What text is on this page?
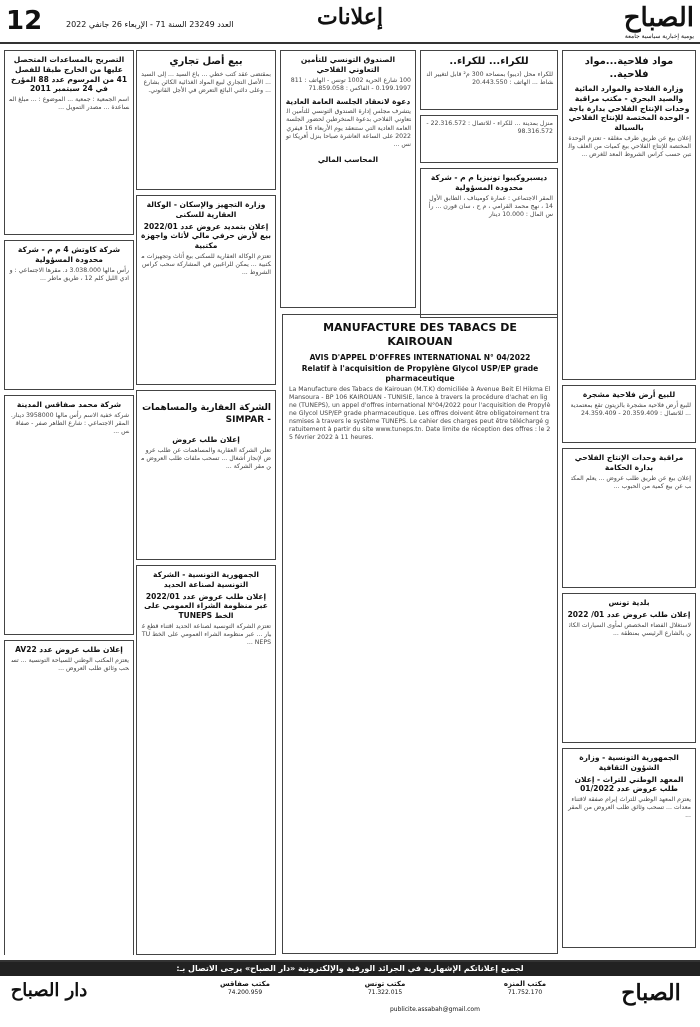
12	العدد 23249 السنة 71 - الإربعاء 26 جانفي 2022	إعلانات	الصباح
يومية إخبارية سياسية جامعة
مواد فلاحية...مواد فلاحية..
وزارة الفلاحة والموارد المائية والصيد البحري - مكتب مراقبة وحدات الإنتاج الفلاحي بدارة باجة - الوحدة المختصة للإنتاج الفلاحي بالسبالة
إعلان بيع عن طريق طرف مغلقة - تعتزم الوحدة المختصة للإنتاج الفلاحي بيع كميات من العلف والتبن حسب كراس الشروط المعد للغرض ...
للبيع أرض فلاحية مشجرة
للبيع أرض فلاحية مشجرة بالزيتون تقع بمعتمدية ... للاتصال : 20.359.409 - 24.359.409
مراقبة وحدات الإنتاج الفلاحي بدارة الحكامة
إعلان بيع عن طريق طلب عروض ... يعلم المكتب عن بيع كمية من الحبوب ...
بلدية تونس
إعلان طلب عروض عدد 01/ 2022
لاستغلال الفضاء المخصص لمأوى السيارات الكائن بالشارع الرئيسي بمنطقة ...
الجمهورية التونسية - وزارة الشؤون الثقافية
المعهد الوطني للتراث - إعلان طلب عروض عدد 01/2022
يعتزم المعهد الوطني للتراث إبرام صفقة لاقتناء معدات ... تسحب وثائق طلب العروض من المقر ...
للكراء... للكراء..
للكراء محل (ديبو) بمساحة 300 م² قابل لتغيير النشاط ... الهاتف : 20.443.550
منزل بمدينة ... للكراء - للاتصال : 22.316.572 - 98.316.572
ديسبروكيبوا تونيزيا م م - شركة محدودة المسؤولية
المقر الاجتماعي : عمارة كوميناف ، الطابق الأول 14 ، نهج محمد القرامي ، م ح ، سان قورن ... رأس المال : 10.000 دينار
MANUFACTURE DES TABACS DE KAIROUAN
AVIS D'APPEL D'OFFRES INTERNATIONAL N° 04/2022
Relatif à l'acquisition de Propylène Glycol USP/EP grade pharmaceutique
La Manufacture des Tabacs de Kairouan (M.T.K) domiciliée à Avenue Beit El Hikma El Mansoura - BP 106 KAIROUAN - TUNISIE, lance à travers la procédure d'achat en ligne (TUNEPS), un appel d'offres international N°04/2022 pour l'acquisition de Propylène Glycol USP/EP grade pharmaceutique. Les offres doivent être obligatoirement transmises à travers le système TUNEPS. Le cahier des charges peut être téléchargé gratuitement à partir du site www.tuneps.tn. Date limite de réception des offres : le 25 février 2022 à 11 heures.
الصندوق التونسي للتأمين التعاوني الفلاحي
100 شارع الحرية 1002 تونس - الهاتف : 8110.199.1997 - الفاكس : 71.859.058
دعوة لانعقاد الجلسة العامة العادية
يتشرف مجلس إدارة الصندوق التونسي للتأمين التعاوني الفلاحي بدعوة المنخرطين لحضور الجلسة العامة العادية التي ستنعقد يوم الأربعاء 16 فيفري 2022 على الساعة العاشرة صباحا بنزل أفريكا تونس ...
المحاسب المالي
بيع أصل تجاري
بمقتضى عقد كتب خطي ... باع السيد ... إلى السيد ... الأصل التجاري لبيع المواد الغذائية الكائن بشارع ... وعلى دائني البائع التعرض في الأجل القانوني.
وزارة التجهيز والإسكان - الوكالة العقارية للسكنى
إعلان بتمديد عروض عدد 2022/01 بيع لأرض حرفي مالي لأثاث واجهزة مكتبية
تعتزم الوكالة العقارية للسكنى بيع أثاث وتجهيزات مكتبية ... يمكن للراغبين في المشاركة سحب كراس الشروط ...
الشركة العقارية والمساهمات - SIMPAR
إعلان طلب عروض
تعلن الشركة العقارية والمساهمات عن طلب عروض لإنجاز أشغال ... تسحب ملفات طلب العروض من مقر الشركة ...
الجمهورية التونسية - الشركة التونسية لصناعة الحديد
إعلان طلب عروض عدد 2022/01 عبر منظومة الشراء العمومي على الخط TUNEPS
تعتزم الشركة التونسية لصناعة الحديد اقتناء قطع غيار ... عبر منظومة الشراء العمومي على الخط TUNEPS ...
التصريح بالمساعدات المتحصل عليها من الخارج طبقا للفصل 41 من المرسوم عدد 88 المؤرخ في 24 سبتمبر 2011
اسم الجمعية : جمعية ... الموضوع : ... مبلغ المساعدة ... مصدر التمويل ...
شركة كاوتش 4 م م - شركة محدودة المسؤولية
رأس مالها 3.038.000 د. مقرها الاجتماعي : وادي الليل كلم 12 ، طريق ماطر ...
شركة محمد صفاقس المدينة
شركة خفية الاسم رأس مالها 3958000 دينار. المقر الاجتماعي : شارع الطاهر صفر - صفاقس ...
إعلان طلب عروض عدد AV22
يعتزم المكتب الوطني للسياحة التونسية ... تسحب وثائق طلب العروض ...
لجميع إعلاناتكم الإشهارية في الجرائد الورقية والإلكترونية «دار الصباح» يرجى الاتصال بـ:
الصباح
مكتب المنزه
71.752.170
مكتب تونس
71.322.015
مكتب صفاقس
74.200.959
publicite.assabah@gmail.com
دار الصباح
